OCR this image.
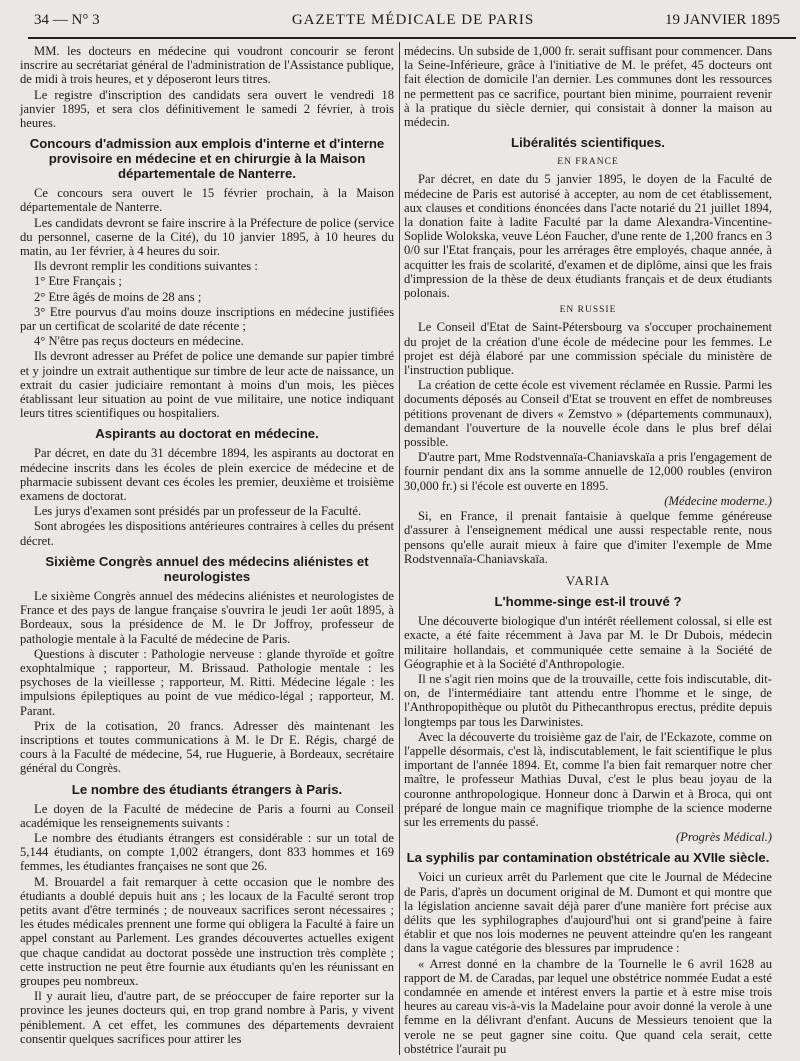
34 — N° 3	GAZETTE MÉDICALE DE PARIS	19 JANVIER 1895

MM. les docteurs en médecine qui voudront concourir se feront inscrire au secrétariat général de l'administration de l'Assistance publique, de midi à trois heures, et y déposeront leurs titres.

Le registre d'inscription des candidats sera ouvert le vendredi 18 janvier 1895, et sera clos définitivement le samedi 2 février, à trois heures.

Concours d'admission aux emplois d'interne et d'interne provisoire en médecine et en chirurgie à la Maison départementale de Nanterre.

Ce concours sera ouvert le 15 février prochain, à la Maison départementale de Nanterre.

Les candidats devront se faire inscrire à la Préfecture de police (service du personnel, caserne de la Cité), du 10 janvier 1895, à 10 heures du matin, au 1er février, à 4 heures du soir.

Ils devront remplir les conditions suivantes :

1° Etre Français ;

2° Etre âgés de moins de 28 ans ;

3° Etre pourvus d'au moins douze inscriptions en médecine justifiées par un certificat de scolarité de date récente ;

4° N'être pas reçus docteurs en médecine.

Ils devront adresser au Préfet de police une demande sur papier timbré et y joindre un extrait authentique sur timbre de leur acte de naissance, un extrait du casier judiciaire remontant à moins d'un mois, les pièces établissant leur situation au point de vue militaire, une notice indiquant leurs titres scientifiques ou hospitaliers.

Aspirants au doctorat en médecine.

Par décret, en date du 31 décembre 1894, les aspirants au doctorat en médecine inscrits dans les écoles de plein exercice de médecine et de pharmacie subissent devant ces écoles les premier, deuxième et troisième examens de doctorat.

Les jurys d'examen sont présidés par un professeur de la Faculté.

Sont abrogées les dispositions antérieures contraires à celles du présent décret.

Sixième Congrès annuel des médecins aliénistes et neurologistes

Le sixième Congrès annuel des médecins aliénistes et neurologistes de France et des pays de langue française s'ouvrira le jeudi 1er août 1895, à Bordeaux, sous la présidence de M. le Dr Joffroy, professeur de pathologie mentale à la Faculté de médecine de Paris.

Questions à discuter : Pathologie nerveuse : glande thyroïde et goître exophtalmique ; rapporteur, M. Brissaud. Pathologie mentale : les psychoses de la vieillesse ; rapporteur, M. Ritti. Médecine légale : les impulsions épileptiques au point de vue médico-légal ; rapporteur, M. Parant.

Prix de la cotisation, 20 francs. Adresser dès maintenant les inscriptions et toutes communications à M. le Dr E. Régis, chargé de cours à la Faculté de médecine, 54, rue Huguerie, à Bordeaux, secrétaire général du Congrès.

Le nombre des étudiants étrangers à Paris.

Le doyen de la Faculté de médecine de Paris a fourni au Conseil académique les renseignements suivants :

Le nombre des étudiants étrangers est considérable : sur un total de 5,144 étudiants, on compte 1,002 étrangers, dont 833 hommes et 169 femmes, les étudiantes françaises ne sont que 26.

M. Brouardel a fait remarquer à cette occasion que le nombre des étudiants a doublé depuis huit ans ; les locaux de la Faculté seront trop petits avant d'être terminés ; de nouveaux sacrifices seront nécessaires ; les études médicales prennent une forme qui obligera la Faculté à faire un appel constant au Parlement. Les grandes découvertes actuelles exigent que chaque candidat au doctorat possède une instruction très complète ; cette instruction ne peut être fournie aux étudiants qu'en les réunissant en groupes peu nombreux.

Il y aurait lieu, d'autre part, de se préoccuper de faire reporter sur la province les jeunes docteurs qui, en trop grand nombre à Paris, y vivent péniblement. A cet effet, les communes des départements devraient consentir quelques sacrifices pour attirer les

médecins. Un subside de 1,000 fr. serait suffisant pour commencer. Dans la Seine-Inférieure, grâce à l'initiative de M. le préfet, 45 docteurs ont fait élection de domicile l'an dernier. Les communes dont les ressources ne permettent pas ce sacrifice, pourtant bien minime, pourraient revenir à la pratique du siècle dernier, qui consistait à donner la maison au médecin.

Libéralités scientifiques.

EN FRANCE

Par décret, en date du 5 janvier 1895, le doyen de la Faculté de médecine de Paris est autorisé à accepter, au nom de cet établissement, aux clauses et conditions énoncées dans l'acte notarié du 21 juillet 1894, la donation faite à ladite Faculté par la dame Alexandra-Vincentine-Soplide Wolokska, veuve Léon Faucher, d'une rente de 1,200 francs en 3 0/0 sur l'Etat français, pour les arrérages être employés, chaque année, à acquitter les frais de scolarité, d'examen et de diplôme, ainsi que les frais d'impression de la thèse de deux étudiants français et de deux étudiants polonais.

EN RUSSIE

Le Conseil d'Etat de Saint-Pétersbourg va s'occuper prochainement du projet de la création d'une école de médecine pour les femmes. Le projet est déjà élaboré par une commission spéciale du ministère de l'instruction publique.

La création de cette école est vivement réclamée en Russie. Parmi les documents déposés au Conseil d'Etat se trouvent en effet de nombreuses pétitions provenant de divers « Zemstvo » (départements communaux), demandant l'ouverture de la nouvelle école dans le plus bref délai possible.

D'autre part, Mme Rodstvennaïa-Chaniavskaïa a pris l'engagement de fournir pendant dix ans la somme annuelle de 12,000 roubles (environ 30,000 fr.) si l'école est ouverte en 1895.

(Médecine moderne.)

Si, en France, il prenait fantaisie à quelque femme généreuse d'assurer à l'enseignement médical une aussi respectable rente, nous pensons qu'elle aurait mieux à faire que d'imiter l'exemple de Mme Rodstvennaïa-Chaniavskaïa.

VARIA

L'homme-singe est-il trouvé ?

Une découverte biologique d'un intérêt réellement colossal, si elle est exacte, a été faite récemment à Java par M. le Dr Dubois, médecin militaire hollandais, et communiquée cette semaine à la Société de Géographie et à la Société d'Anthropologie.

Il ne s'agit rien moins que de la trouvaille, cette fois indiscutable, dit-on, de l'intermédiaire tant attendu entre l'homme et le singe, de l'Anthropopithèque ou plutôt du Pithecanthropus erectus, prédite depuis longtemps par tous les Darwinistes.

Avec la découverte du troisième gaz de l'air, de l'Eckazote, comme on l'appelle désormais, c'est là, indiscutablement, le fait scientifique le plus important de l'année 1894. Et, comme l'a bien fait remarquer notre cher maître, le professeur Mathias Duval, c'est le plus beau joyau de la couronne anthropologique. Honneur donc à Darwin et à Broca, qui ont préparé de longue main ce magnifique triomphe de la science moderne sur les errements du passé.

(Progrès Médical.)

La syphilis par contamination obstétricale au XVIIe siècle.

Voici un curieux arrêt du Parlement que cite le Journal de Médecine de Paris, d'après un document original de M. Dumont et qui montre que la législation ancienne savait déjà parer d'une manière fort précise aux délits que les syphilographes d'aujourd'hui ont si grand'peine à faire établir et que nos lois modernes ne peuvent atteindre qu'en les rangeant dans la vague catégorie des blessures par imprudence :

« Arrest donné en la chambre de la Tournelle le 6 avril 1628 au rapport de M. de Caradas, par lequel une obstétrice nommée Eudat a esté condamnée en amende et intérest envers la partie et à estre mise trois heures au careau vis-à-vis la Madelaine pour avoir donné la verole à une femme en la délivrant d'enfant. Aucuns de Messieurs tenoient que la verole ne se peut gagner sine coitu. Que quand cela serait, cette obstétrice l'aurait pu
